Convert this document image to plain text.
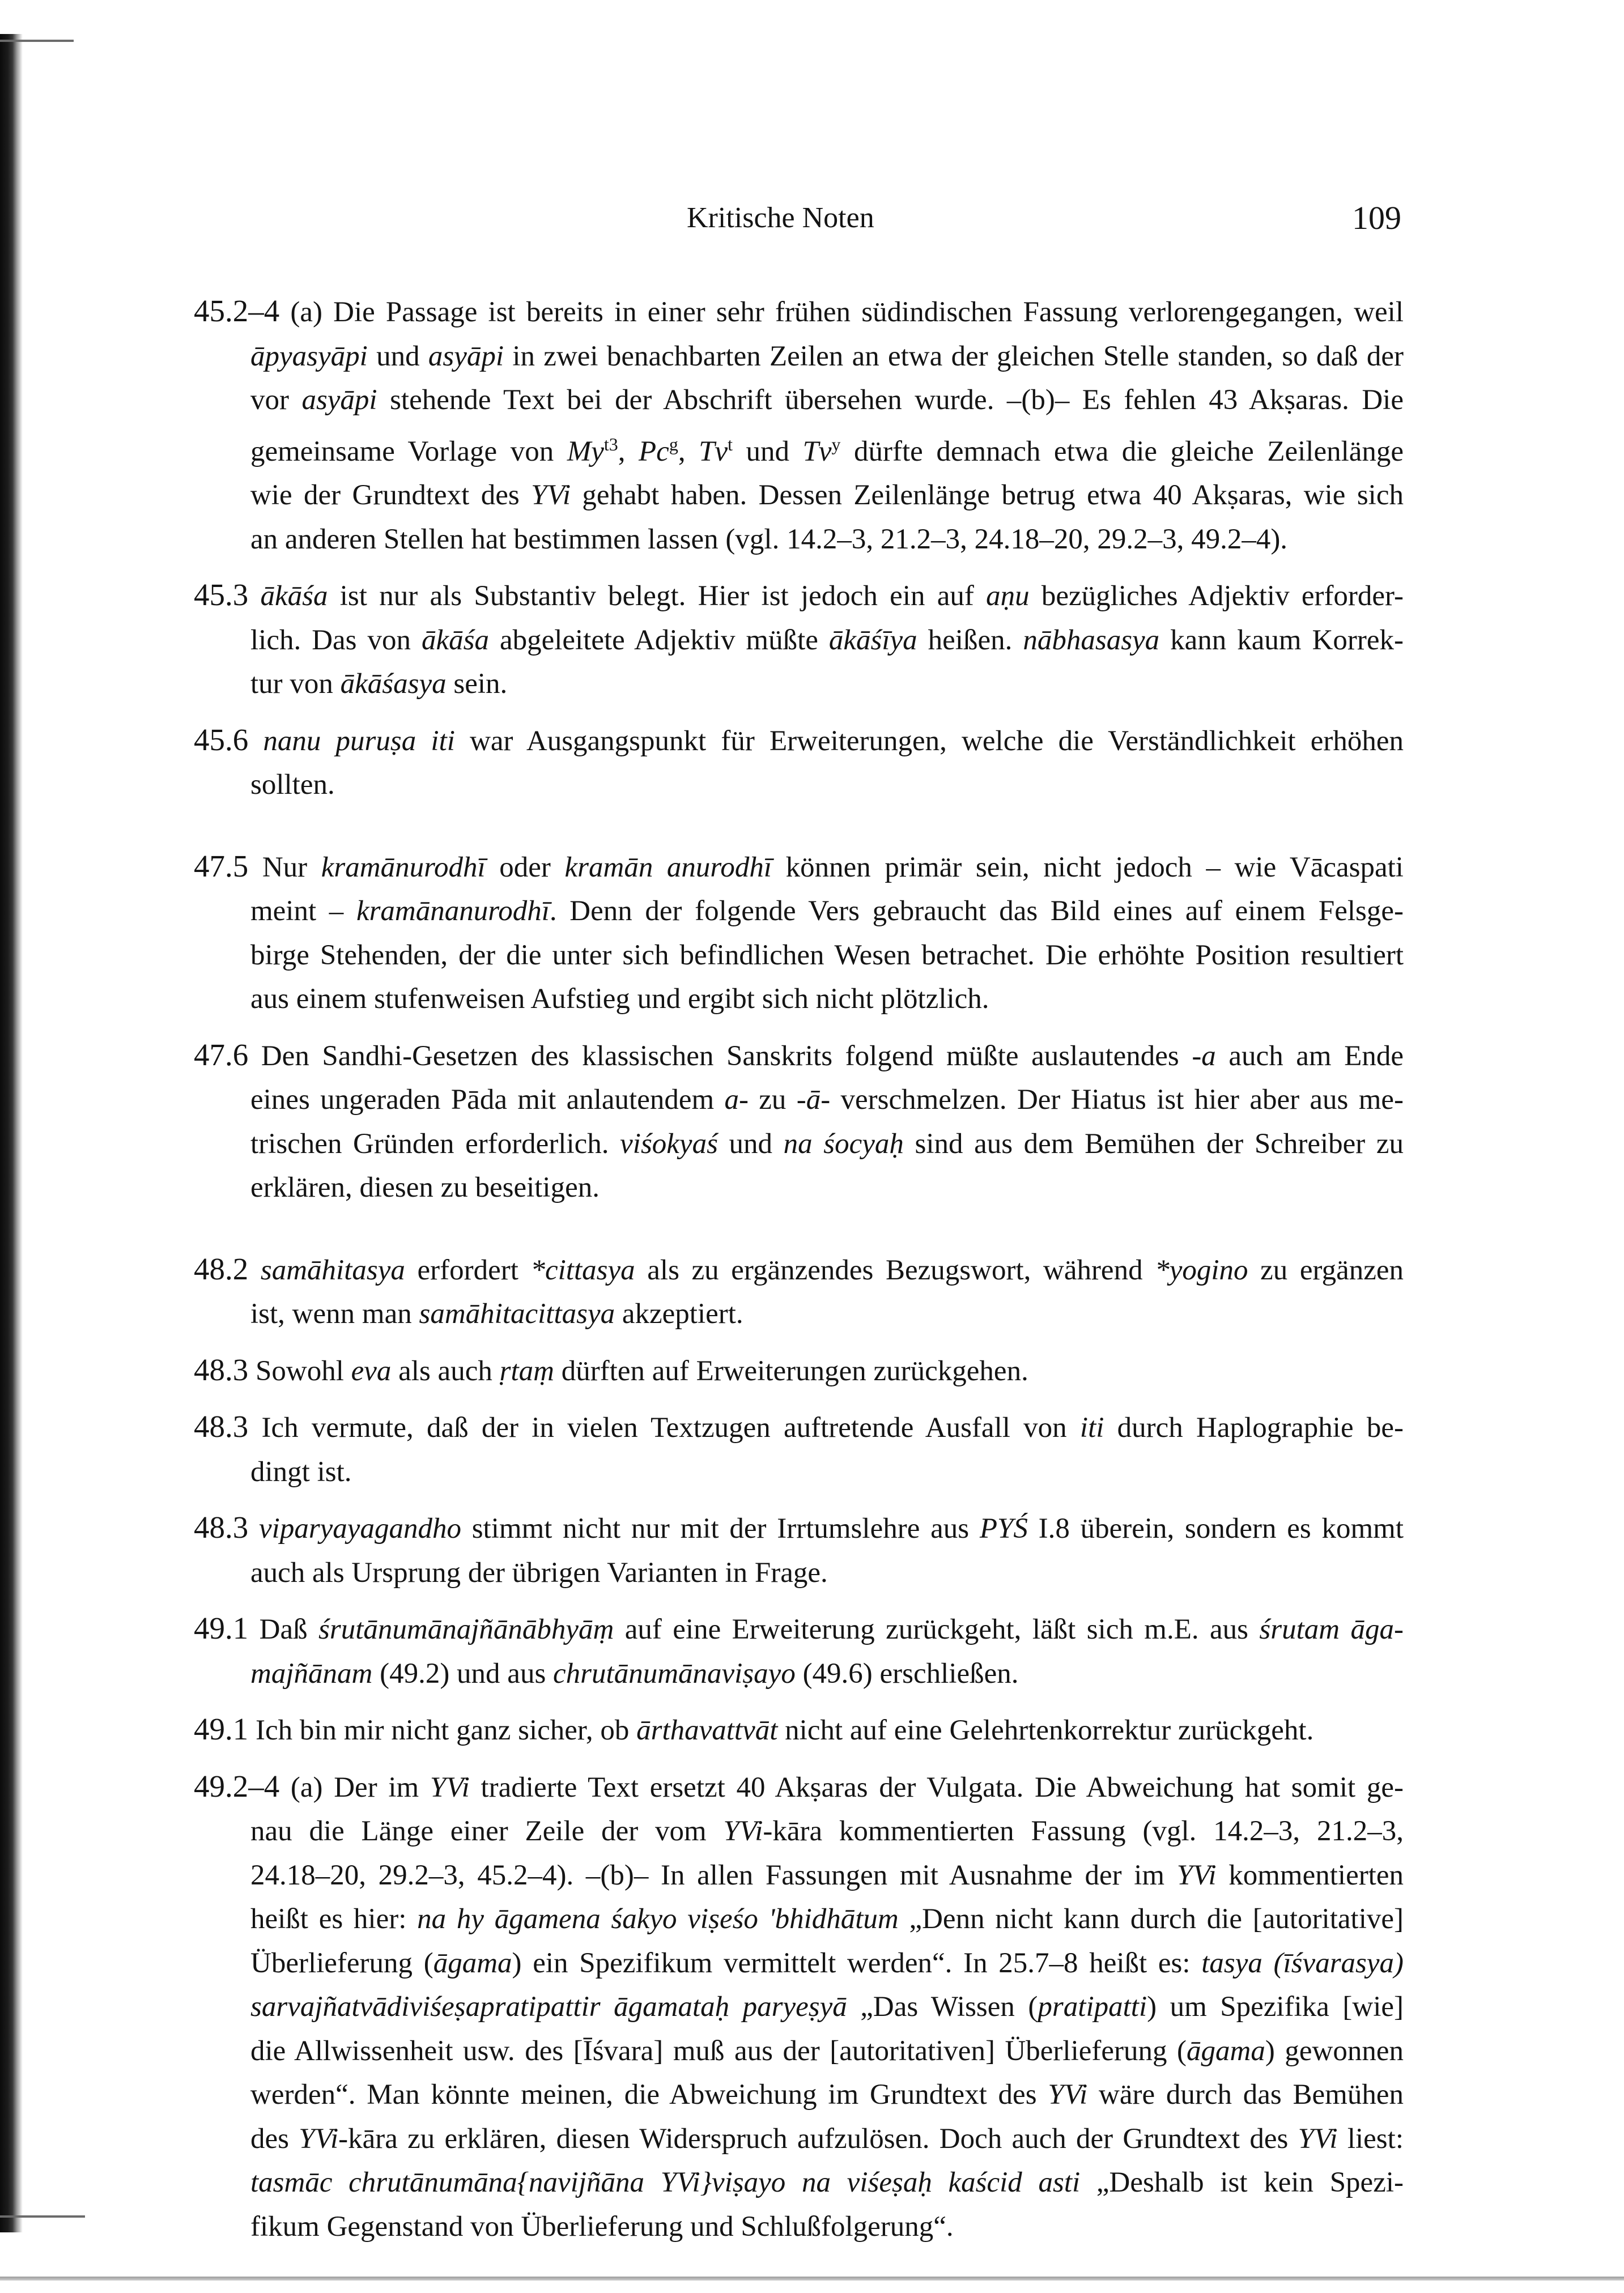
Kritische Noten	109
45.2–4 (a) Die Passage ist bereits in einer sehr frühen südindischen Fassung verlorengegangen, weil
āpyasyāpi und asyāpi in zwei benachbarten Zeilen an etwa der gleichen Stelle standen, so daß der
vor asyāpi stehende Text bei der Abschrift übersehen wurde. –(b)– Es fehlen 43 Akṣaras. Die
gemeinsame Vorlage von $My^{t3}$, Pc$^g$, Tv$^t$ und Tv$^y$ dürfte demnach etwa die gleiche Zeilenlänge
wie der Grundtext des YVi gehabt haben. Dessen Zeilenlänge betrug etwa 40 Akṣaras, wie sich
an anderen Stellen hat bestimmen lassen (vgl. 14.2–3, 21.2–3, 24.18–20, 29.2–3, 49.2–4).
45.3 ākāśa ist nur als Substantiv belegt. Hier ist jedoch ein auf aṇu bezügliches Adjektiv erforder-
lich. Das von ākāśa abgeleitete Adjektiv müßte ākāśīya heißen. nābhasasya kann kaum Korrek-
tur von ākāśasya sein.
45.6 nanu puruṣa iti war Ausgangspunkt für Erweiterungen, welche die Verständlichkeit erhöhen
sollten.
47.5 Nur kramānurodhī oder kramān anurodhī können primär sein, nicht jedoch – wie Vācaspati
meint – kramānanurodhī. Denn der folgende Vers gebraucht das Bild eines auf einem Felsge-
birge Stehenden, der die unter sich befindlichen Wesen betrachet. Die erhöhte Position resultiert
aus einem stufenweisen Aufstieg und ergibt sich nicht plötzlich.
47.6 Den Sandhi-Gesetzen des klassischen Sanskrits folgend müßte auslautendes -a auch am Ende
eines ungeraden Pāda mit anlautendem a- zu -ā- verschmelzen. Der Hiatus ist hier aber aus me-
trischen Gründen erforderlich. viśokyaś und na śocyaḥ sind aus dem Bemühen der Schreiber zu
erklären, diesen zu beseitigen.
48.2 samāhitasya erfordert *cittasya als zu ergänzendes Bezugswort, während *yogino zu ergänzen
ist, wenn man samāhitacittasya akzeptiert.
48.3 Sowohl eva als auch ṛtaṃ dürften auf Erweiterungen zurückgehen.
48.3 Ich vermute, daß der in vielen Textzugen auftretende Ausfall von iti durch Haplographie be-
dingt ist.
48.3 viparyayagandho stimmt nicht nur mit der Irrtumslehre aus PYŚ I.8 überein, sondern es kommt
auch als Ursprung der übrigen Varianten in Frage.
49.1 Daß śrutānumānajñānābhyāṃ auf eine Erweiterung zurückgeht, läßt sich m.E. aus śrutam āga-
majñānam (49.2) und aus chrutānumānaviṣayo (49.6) erschließen.
49.1 Ich bin mir nicht ganz sicher, ob ārthavattvāt nicht auf eine Gelehrtenkorrektur zurückgeht.
49.2–4 (a) Der im YVi tradierte Text ersetzt 40 Akṣaras der Vulgata. Die Abweichung hat somit ge-
nau die Länge einer Zeile der vom YVi-kāra kommentierten Fassung (vgl. 14.2–3, 21.2–3,
24.18–20, 29.2–3, 45.2–4). –(b)– In allen Fassungen mit Ausnahme der im YVi kommentierten
heißt es hier: na hy āgamena śakyo viṣeśo 'bhidhātum „Denn nicht kann durch die [autoritative]
Überlieferung (āgama) ein Spezifikum vermittelt werden“. In 25.7–8 heißt es: tasya (īśvarasya)
sarvajñatvādiviśeṣapratipattir āgamataḥ paryeṣyā „Das Wissen (pratipatti) um Spezifika [wie]
die Allwissenheit usw. des [Īśvara] muß aus der [autoritativen] Überlieferung (āgama) gewonnen
werden“. Man könnte meinen, die Abweichung im Grundtext des YVi wäre durch das Bemühen
des YVi-kāra zu erklären, diesen Widerspruch aufzulösen. Doch auch der Grundtext des YVi liest:
tasmāc chrutānumāna{navijñāna YVi}viṣayo na viśeṣaḥ kaścid asti „Deshalb ist kein Spezi-
fikum Gegenstand von Überlieferung und Schlußfolgerung“.
